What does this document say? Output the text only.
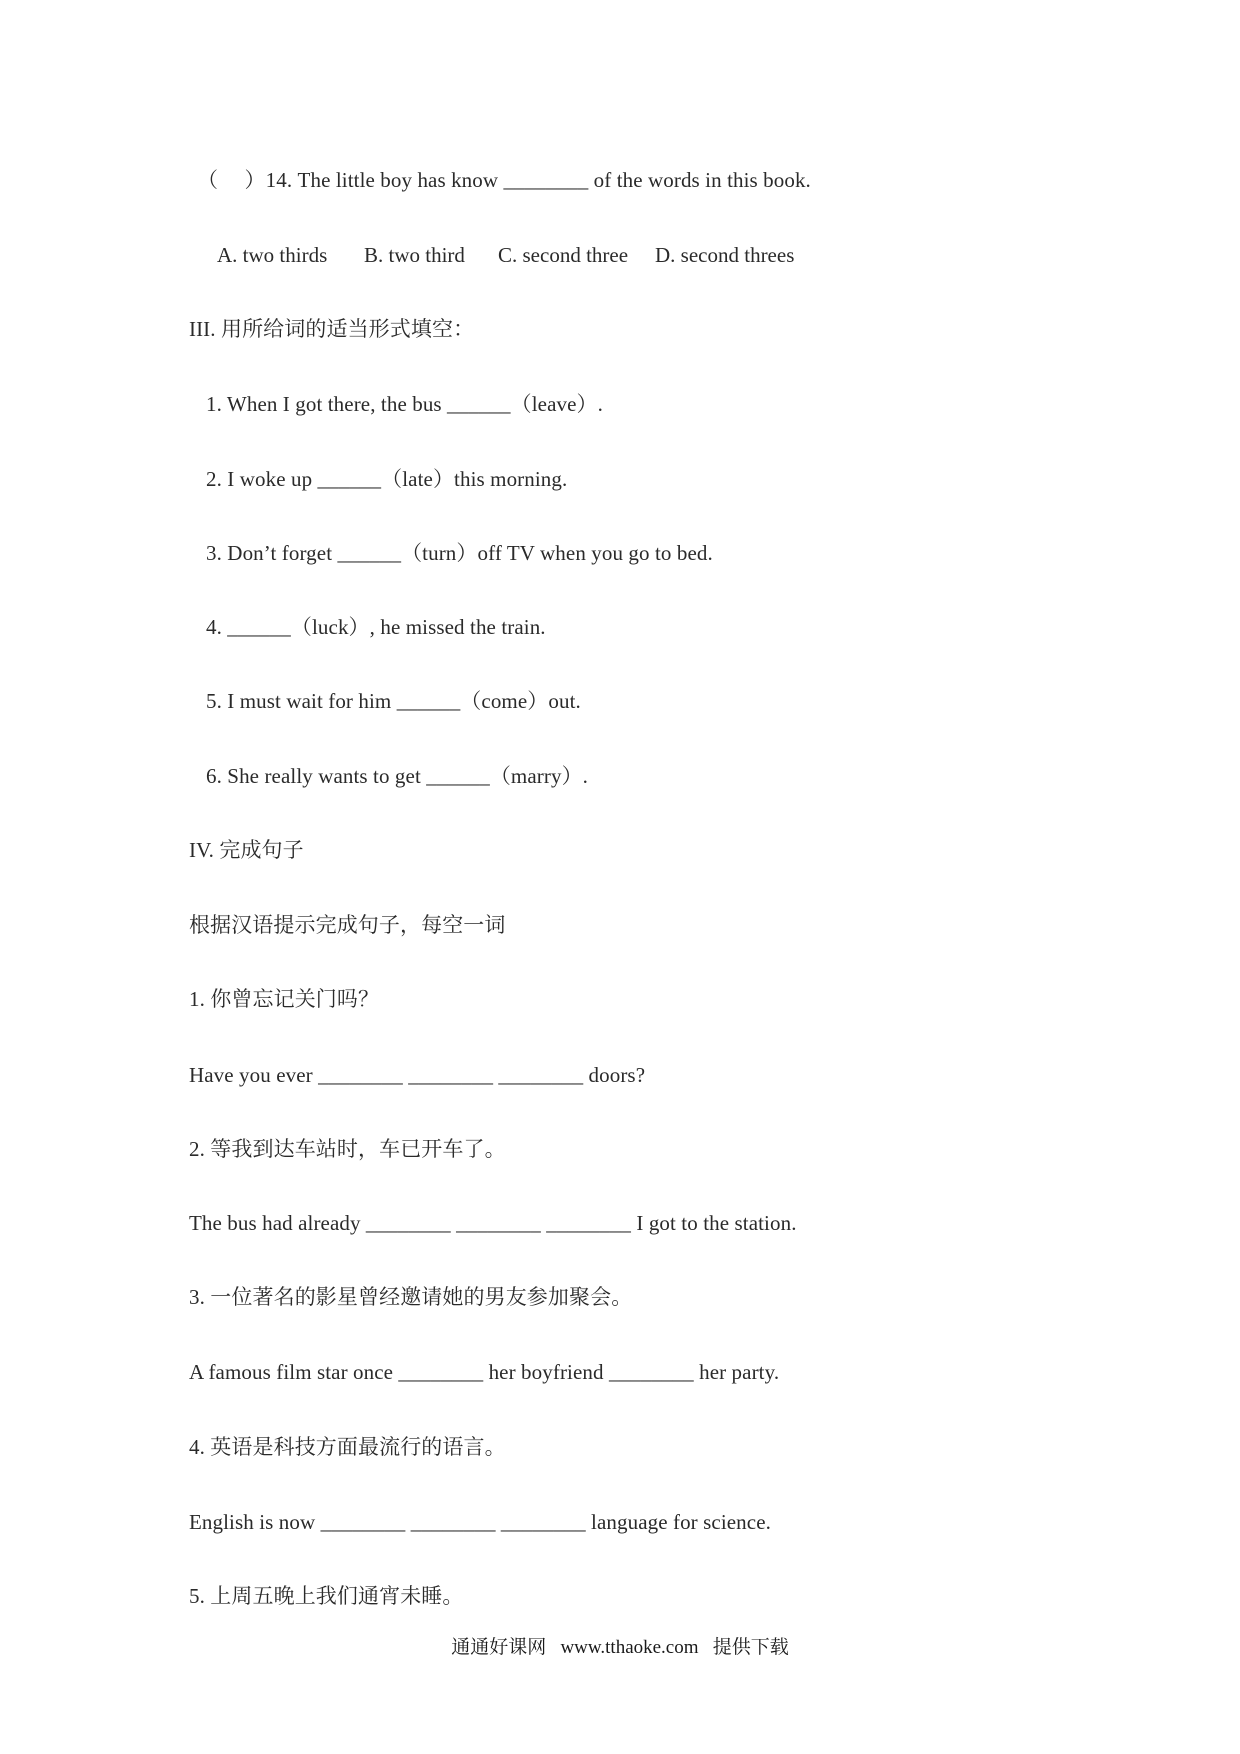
（　 ）14. The little boy has know ________ of the words in this book.
A. two thirds B. two third C. second three D. second threes
III. 用所给词的适当形式填空：
1. When I got there, the bus ______（leave）.
2. I woke up ______（late）this morning.
3. Don’t forget ______（turn）off TV when you go to bed.
4. ______（luck）, he missed the train.
5. I must wait for him ______（come）out.
6. She really wants to get ______（marry）.
IV. 完成句子
根据汉语提示完成句子，每空一词
1. 你曾忘记关门吗？
Have you ever ________ ________ ________ doors?
2. 等我到达车站时，车已开车了。
The bus had already ________ ________ ________ I got to the station.
3. 一位著名的影星曾经邀请她的男友参加聚会。
A famous film star once ________ her boyfriend ________ her party.
4. 英语是科技方面最流行的语言。
English is now ________ ________ ________ language for science.
5. 上周五晚上我们通宵未睡。
通通好课网   www.tthaoke.com   提供下载
